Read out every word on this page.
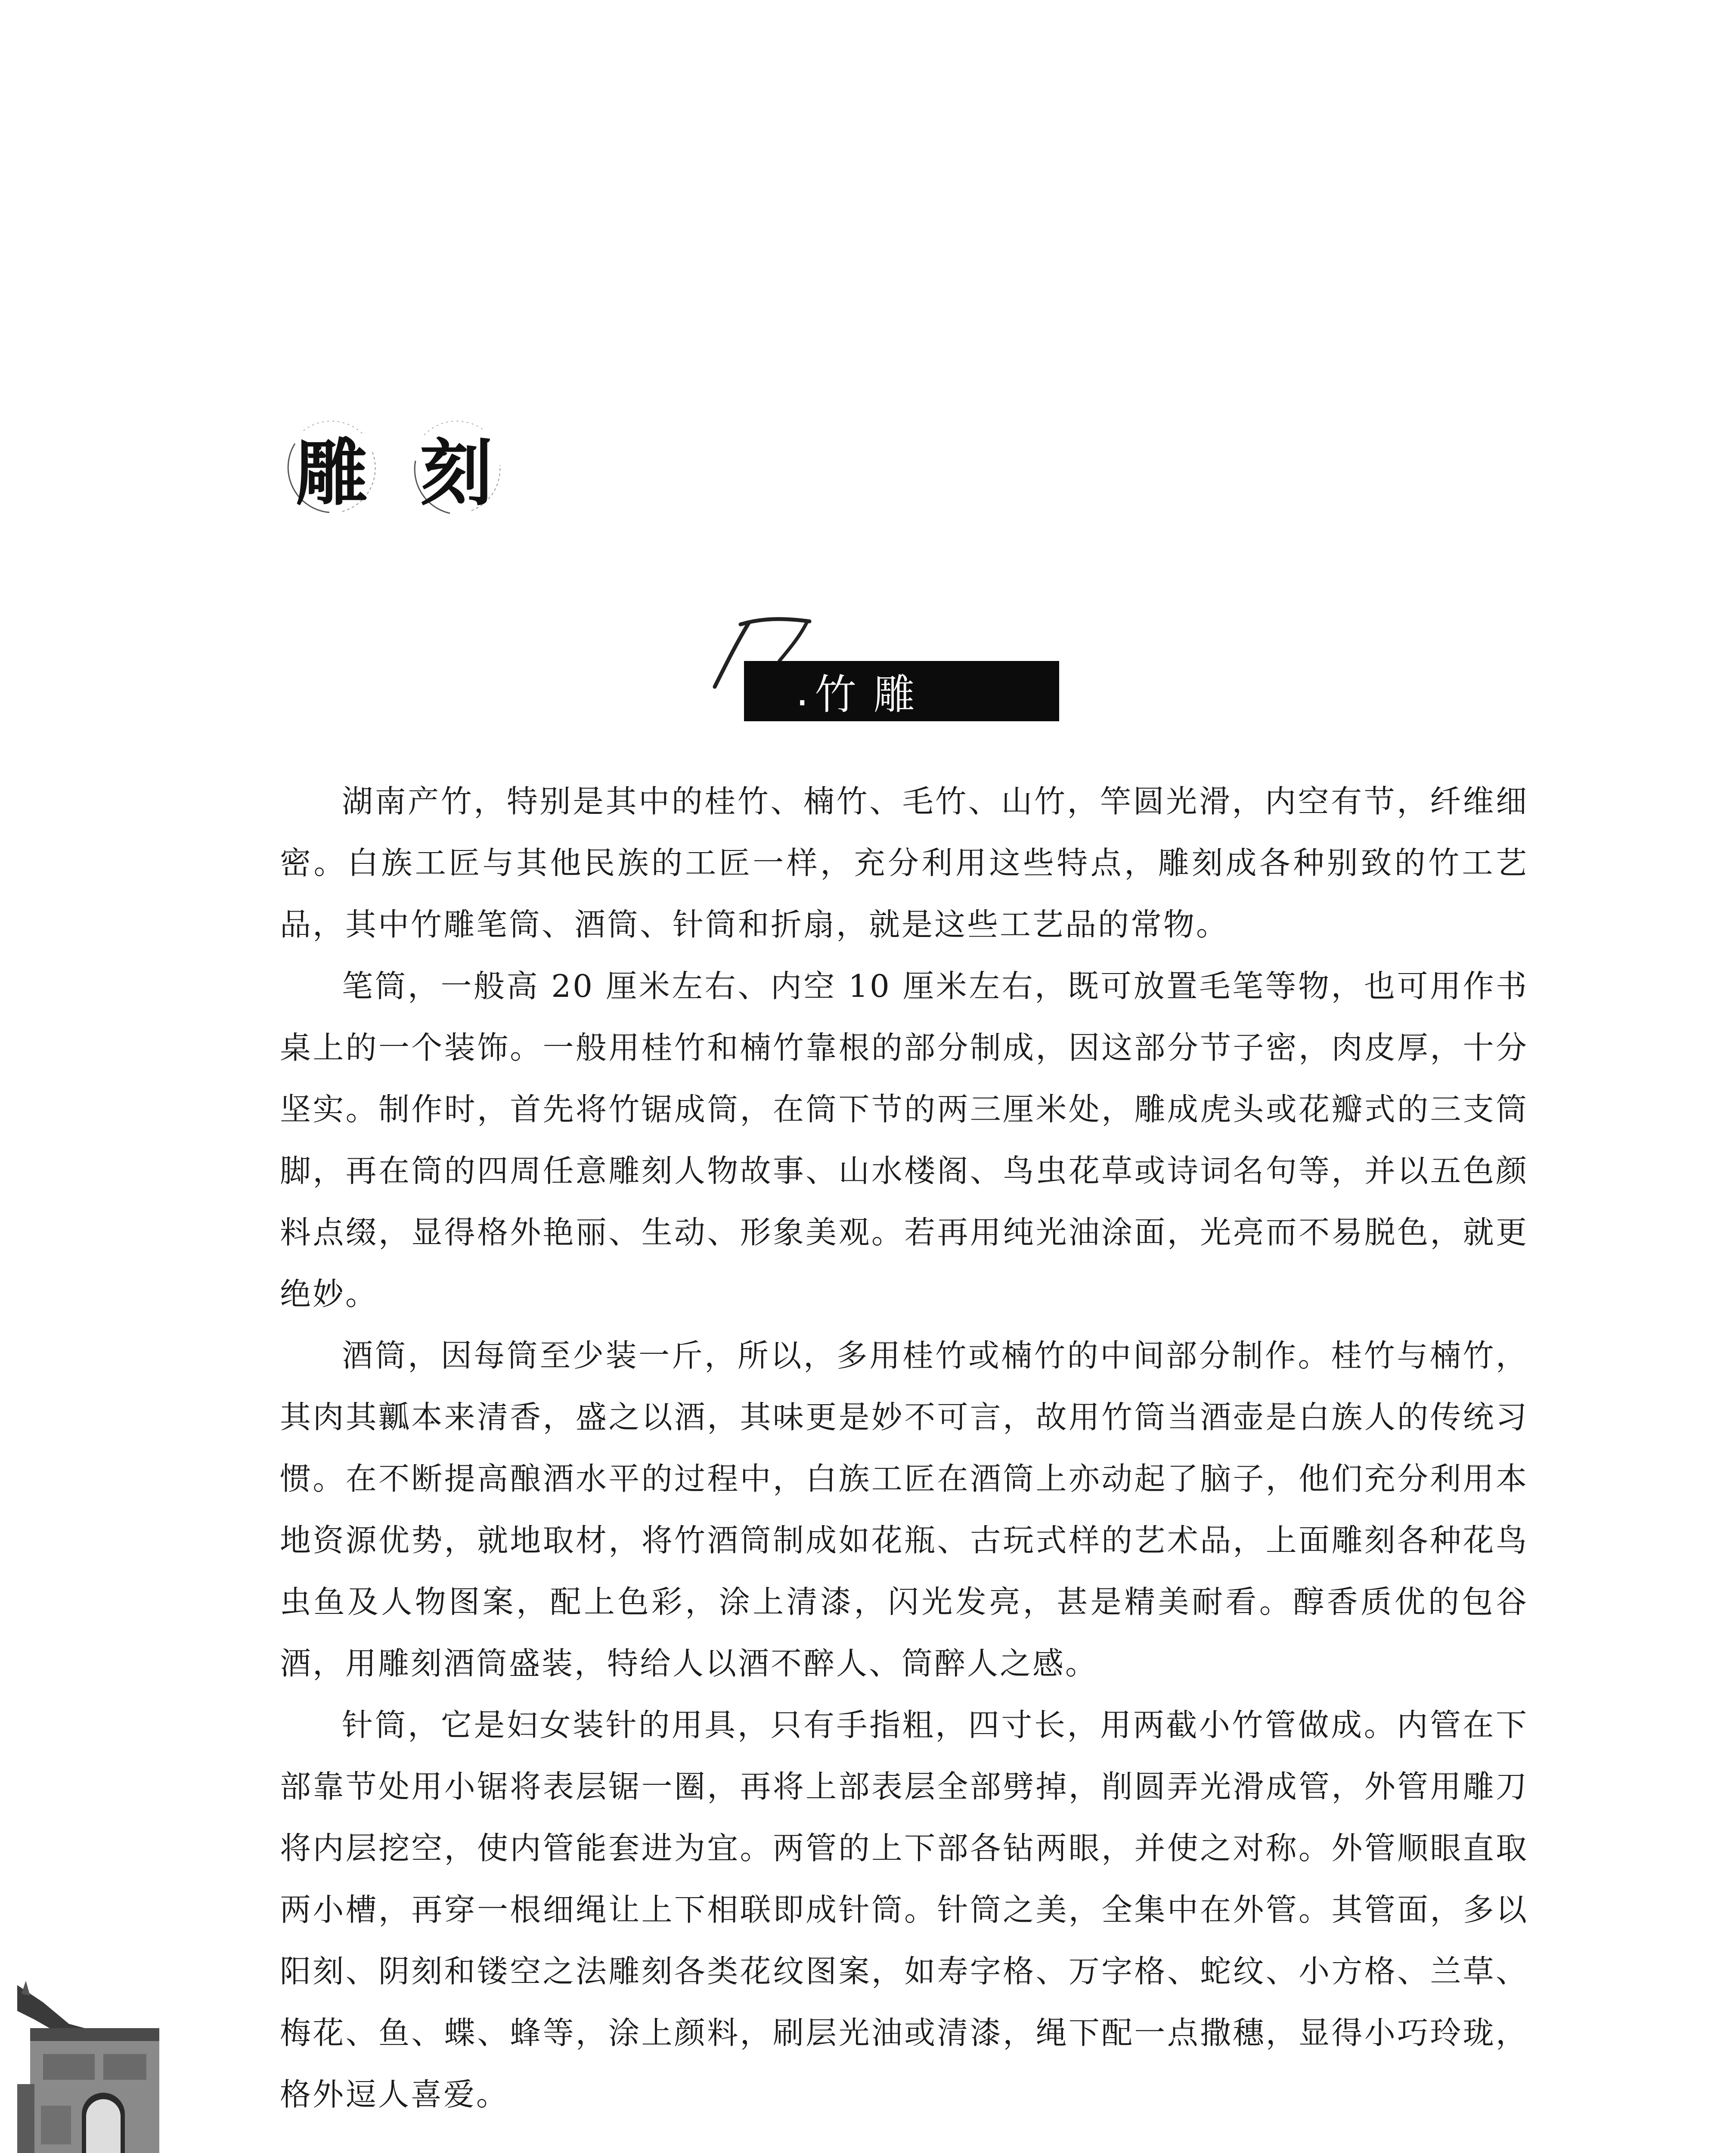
雕 刻
. 竹雕

湖南产竹，特别是其中的桂竹、楠竹、毛竹、山竹，竿圆光滑，内空有节，纤维细密。白族工匠与其他民族的工匠一样，充分利用这些特点，雕刻成各种别致的竹工艺品，其中竹雕笔筒、酒筒、针筒和折扇，就是这些工艺品的常物。

笔筒，一般高 20 厘米左右、内空 10 厘米左右，既可放置毛笔等物，也可用作书桌上的一个装饰。一般用桂竹和楠竹靠根的部分制成，因这部分节子密，肉皮厚，十分坚实。制作时，首先将竹锯成筒，在筒下节的两三厘米处，雕成虎头或花瓣式的三支筒脚，再在筒的四周任意雕刻人物故事、山水楼阁、鸟虫花草或诗词名句等，并以五色颜料点缀，显得格外艳丽、生动、形象美观。若再用纯光油涂面，光亮而不易脱色，就更绝妙。

酒筒，因每筒至少装一斤，所以，多用桂竹或楠竹的中间部分制作。桂竹与楠竹，其肉其瓤本来清香，盛之以酒，其味更是妙不可言，故用竹筒当酒壶是白族人的传统习惯。在不断提高酿酒水平的过程中，白族工匠在酒筒上亦动起了脑子，他们充分利用本地资源优势，就地取材，将竹酒筒制成如花瓶、古玩式样的艺术品，上面雕刻各种花鸟虫鱼及人物图案，配上色彩，涂上清漆，闪光发亮，甚是精美耐看。醇香质优的包谷酒，用雕刻酒筒盛装，特给人以酒不醉人、筒醉人之感。

针筒，它是妇女装针的用具，只有手指粗，四寸长，用两截小竹管做成。内管在下部靠节处用小锯将表层锯一圈，再将上部表层全部劈掉，削圆弄光滑成管，外管用雕刀将内层挖空，使内管能套进为宜。两管的上下部各钻两眼，并使之对称。外管顺眼直取两小槽，再穿一根细绳让上下相联即成针筒。针筒之美，全集中在外管。其管面，多以阳刻、阴刻和镂空之法雕刻各类花纹图案，如寿字格、万字格、蛇纹、小方格、兰草、梅花、鱼、蝶、蜂等，涂上颜料，刷层光油或清漆，绳下配一点撒穗，显得小巧玲珑，格外逗人喜爱。
